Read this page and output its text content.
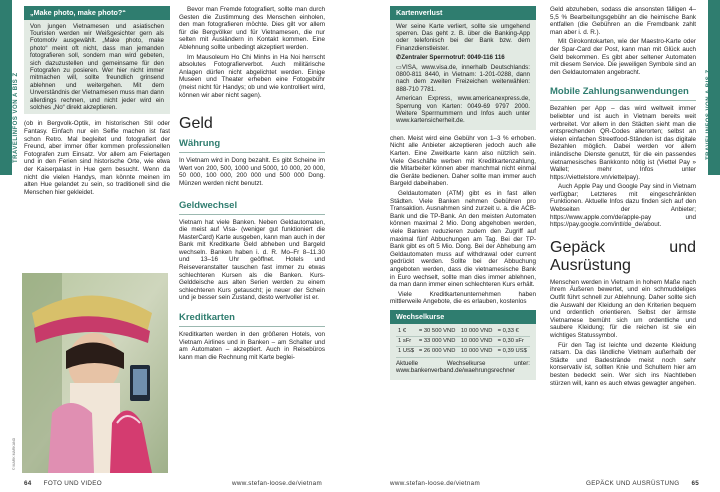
TRAVELINFOS VON A BIS Z
„Make photo, make photo?“
Von jungen Vietnamesen und asiatischen Touristen werden wir Weißgesichter gern als Fotomotiv ausgewählt. „Make photo, make photo“ meint oft nicht, dass man jemanden fotografieren soll, sondern man wird gebeten, sich dazuzustellen und gemeinsame für den Fotografen zu posieren. Wer hier nicht immer mitmachen will, sollte freundlich grinsend ablehnen und weitergehen. Mit dem Unverständnis der Vietnamesen muss man dann allerdings rechnen, und nicht jeder wird ein solches „No“ direkt akzeptieren.

(ob in Bergvolk-Optik, im historischen Stil oder Fantasy. Einfach nur ein Selfie machen ist fast schon Retro. Mal begleitet und fotografiert der Freund, aber immer öfter kommen professionellen Fotografen zum Einsatz. Vor allem am Feiertagen und in den Ferien sind historische Orte, wie etwa der Kaiserpalast in Hue gern besucht. Wenn da nicht die vielen Handys, man könnte meinen im alten Hue gelandet zu sein, so traditionell sind die Menschen hier gekleidet.

© MARK MARKAND

Bevor man Fremde fotografiert, sollte man durch Gesten die Zustimmung des Menschen einholen, den man fotografieren möchte. Dies gilt vor allem für die Bergvölker und für Vietnamesen, die nur selten mit Ausländern in Kontakt kommen. Eine Ablehnung sollte unbedingt akzeptiert werden.

Im Mausoleum Ho Chi Minhs in Ha Noi herrscht absolutes Fotografierverbot. Auch militärische Anlagen dürfen nicht abgelichtet werden. Einige Museen und Theater erheben eine Fotogebühr (meist nicht für Handys; ob und wie kontrolliert wird, können wir aber nicht sagen).

Geld
Währung

In Vietnam wird in Dong bezahlt. Es gibt Scheine im Wert von 200, 500, 1000 und 5000, 10 000, 20 000, 50 000, 100 000, 200 000 und 500 000 Dong. Münzen werden nicht benutzt.

Geldwechsel

Vietnam hat viele Banken. Neben Geldautomaten, die meist auf Visa- (weniger gut funktioniert die MasterCard) Karte ausgeben, kann man auch in der Bank mit Kreditkarte Geld abheben und Bargeld wechseln. Banken haben i. d. R. Mo–Fr 8–11.30 und 13–16 Uhr geöffnet. Hotels und Reiseveranstalter tauschen fast immer zu etwas schlechteren Kursen als die Banken. Kurs-Gelddeische aus alten Serien werden zu einem schlechteren Kurs getauscht; je neuer der Schein und je besser sein Zustand, desto wertvoller ist er.

Kreditkarten

Kreditkarten werden in den größeren Hotels, von Vietnam Airlines und in Banken – am Schalter und am Automaten – akzeptiert. Auch in Reisebüros kann man die Rechnung mit Karte beglei-

64 FOTO UND VIDEO	www.stefan-loose.de/vietnam
Kartenverlust

Wer seine Karte verliert, sollte sie umgehend sperren. Das geht z. B. über die Banking-App oder telefonisch bei der Bank bzw. dem Finanzdienstleister.

✆Zentraler Sperrnotruf: 0049-116 116

▭VISA, www.visa.de, innerhalb Deutschlands: 0800-811 8440, in Vietnam: 1-201-0288, dann nach dem zweiten Freizeichen weiterwählen: 888-710 7781.

American Express, www.americanexpress.de, Sperrung von Karten: 0049-69 9797 2000. Weitere Sperrnummern und Infos auch unter www.kartensicherheit.de.

chen. Meist wird eine Gebühr von 1–3 % erhoben. Nicht alle Anbieter akzeptieren jedoch auch alle Karten. Eine Zweitkarte kann also nützlich sein. Viele Geschäfte werben mit Kreditkartenzahlung, die Mitarbeiter können aber manchmal nicht einmal die Geräte bedienen. Daher sollte man immer auch Bargeld dabeihaben.

Geldautomaten (ATM) gibt es in fast allen Städten. Viele Banken nehmen Gebühren pro Transaktion. Ausnahmen sind zurzeit u. a. die ACB-Bank und die TP-Bank. An den meisten Automaten können maximal 2 Mio. Dong abgehoben werden, viele Banken reduzieren zudem den Zugriff auf maximal fünf Abbuchungen am Tag. Bei der TP-Bank gibt es oft 5 Mio. Dong. Bei der Abhebung am Geldautomaten muss auf withdrawal oder current gedrückt werden. Sollte bei der Abbuchung angeboten werden, dass die vietnamesische Bank in Euro wechselt, sollte man dies immer ablehnen, da man dann immer einen schlechteren Kurs erhält.

Viele Kreditkartenunternehmen haben mittlerweile Angebote, die es erlauben, kostenlos

Wechselkurse
1 €	= 30 500 VND	10 000 VND	= 0,33 €
1 sFr	= 33 000 VND	10 000 VND	= 0,30 sFr
1 US$	= 26 000 VND	10 000 VND	= 0,39 US$

Aktuelle Wechselkurse unter: www.bankenverband.de/waehrungsrechner

Geld abzuheben, sodass die ansonsten fälligen 4–5,5 % Bearbeitungsgebühr an die heimische Bank entfallen (die Gebühren an die Fremdbank zahlt man aber i. d. R.).

Mit Girokontokarten, wie der Maestro-Karte oder der Spar-Card der Post, kann man mit Glück auch Geld bekommen. Es gibt aber seltener Automaten mit diesem Service. Die jeweiligen Symbole sind an den Geldautomaten angebracht.

Mobile Zahlungsanwendungen

Bezahlen per App – das wird weltweit immer beliebter und ist auch in Vietnam bereits weit verbreitet. Vor allem in den Städten sieht man die entsprechenden QR-Codes allerorten; selbst an vielen einfachen Streetfood-Ständen ist das digitale Bezahlen möglich. Dabei werden vor allem inländische Dienste genutzt, für die ein passendes vietnamesisches Bankkonto nötig ist (Viettel Pay » Wallet; mehr Infos unter https://viettelstore.vn/viettelpay).

Auch Apple Pay und Google Pay sind in Vietnam verfügbar; Letzteres mit eingeschränkten Funktionen. Aktuelle Infos dazu finden sich auf den Webseiten der Anbieter; https://www.apple.com/de/apple-pay und https://pay.google.com/intl/de_de/about.

Gepäck und Ausrüstung

Menschen werden in Vietnam in hohem Maße nach ihrem Äußeren bewertet, und ein schmuddeliges Outfit führt schnell zur Ablehnung. Daher sollte sich die Auswahl der Kleidung an den Kriterien bequem und ordentlich orientieren. Selbst der ärmste Vietnamese bemüht sich um ordentliche und saubere Kleidung; für die reichen ist sie ein wichtiges Statussymbol.

Für den Tag ist leichte und dezente Kleidung ratsam. Da das ländliche Vietnam außerhalb der Städte und Badestrände meist noch sehr konservativ ist, sollten Knie und Schultern hier am besten bedeckt sein. Wer sich ins Nachtleben stürzen will, kann es auch etwas gewagter angehen.

TRAVELINFOS VON A BIS Z
www.stefan-loose.de/vietnam	GEPÄCK UND AUSRÜSTUNG 65
